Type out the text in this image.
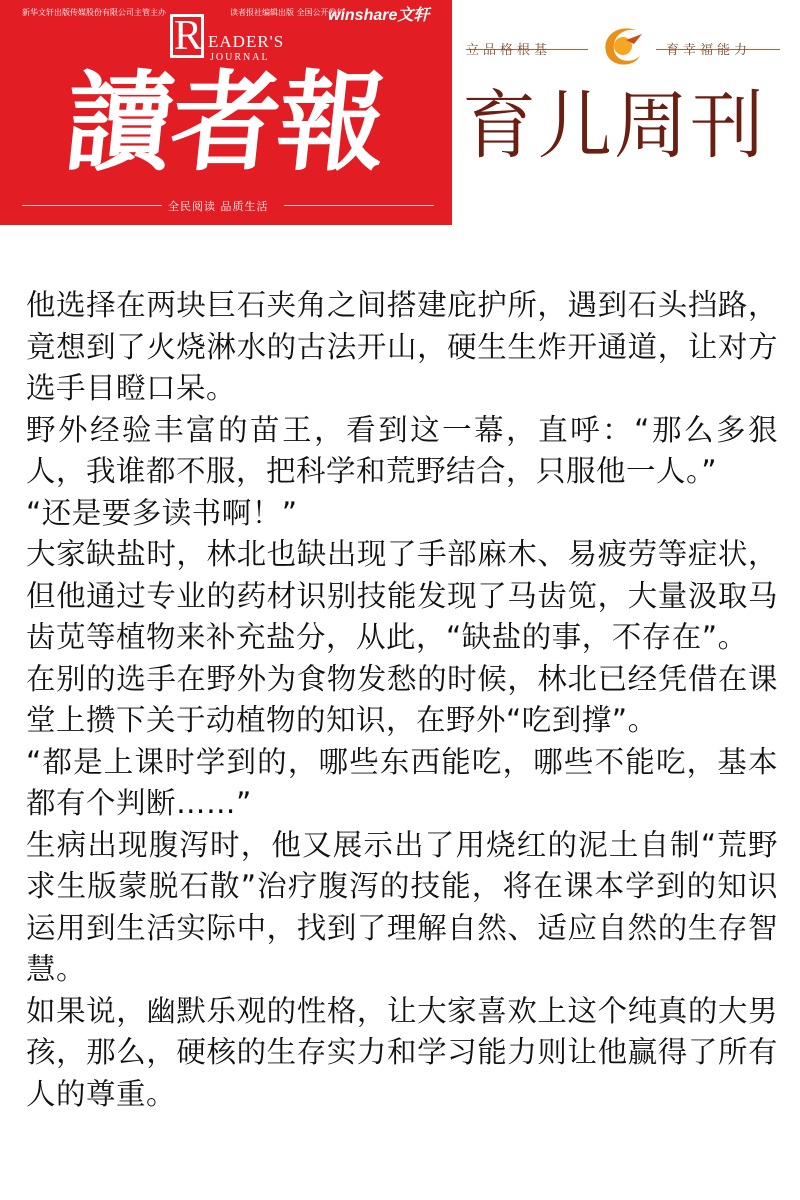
新华文轩出版传媒股份有限公司主管主办	读者报社编辑出版 全国公开发行
winshare文轩
R EADER'S
JOURNAL
讀者報
全民阅读 品质生活
立品格根基	育幸福能力
育儿周刊

他选择在两块巨石夹角之间搭建庇护所，遇到石头挡路，竟想到了火烧淋水的古法开山，硬生生炸开通道，让对方选手目瞪口呆。

野外经验丰富的苗王，看到这一幕，直呼：“那么多狠人，我谁都不服，把科学和荒野结合，只服他一人。”

“还是要多读书啊！”

大家缺盐时，林北也缺出现了手部麻木、易疲劳等症状，但他通过专业的药材识别技能发现了马齿笕，大量汲取马齿苋等植物来补充盐分，从此，“缺盐的事，不存在”。

在别的选手在野外为食物发愁的时候，林北已经凭借在课堂上攒下关于动植物的知识，在野外“吃到撑”。

“都是上课时学到的，哪些东西能吃，哪些不能吃，基本都有个判断……”

生病出现腹泻时，他又展示出了用烧红的泥土自制“荒野求生版蒙脱石散”治疗腹泻的技能，将在课本学到的知识运用到生活实际中，找到了理解自然、适应自然的生存智慧。

如果说，幽默乐观的性格，让大家喜欢上这个纯真的大男孩，那么，硬核的生存实力和学习能力则让他赢得了所有人的尊重。
